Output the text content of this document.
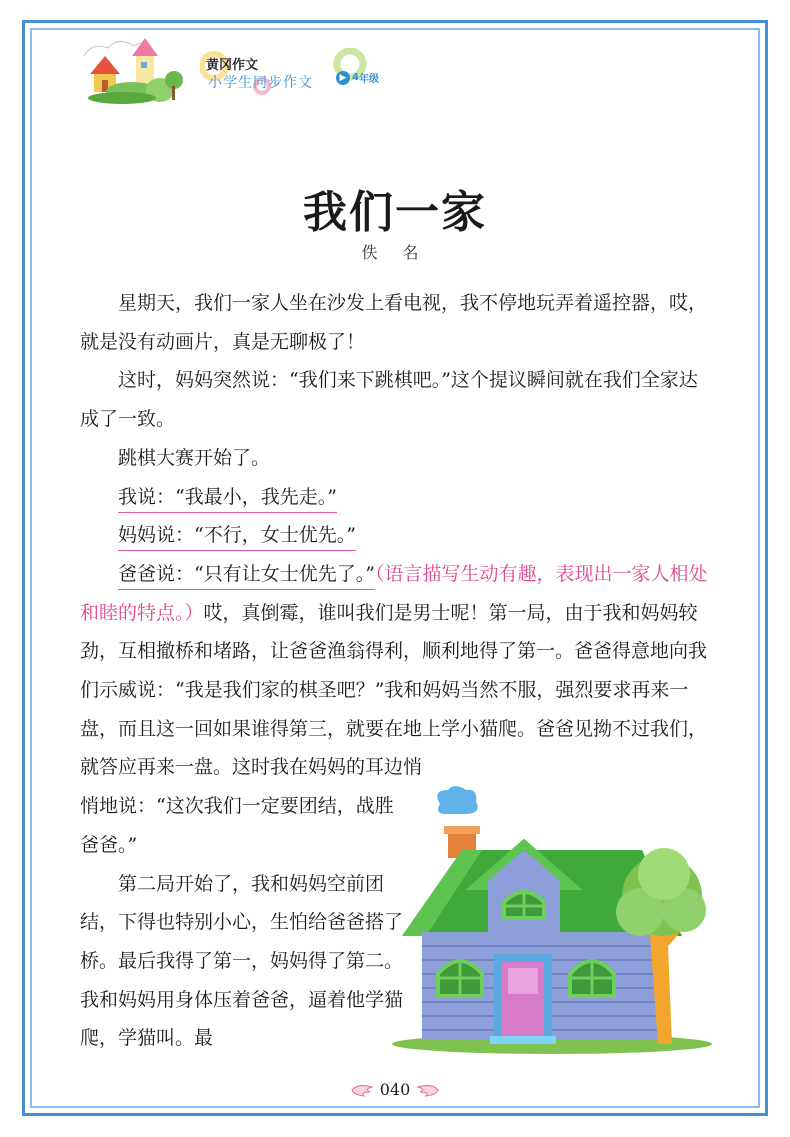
黄冈作文
小学生同步作文	▶ 4 年级
我们一家
佚 名

星期天，我们一家人坐在沙发上看电视，我不停地玩弄着遥控器，哎，就是没有动画片，真是无聊极了！

这时，妈妈突然说：“我们来下跳棋吧。”这个提议瞬间就在我们全家达成了一致。

跳棋大赛开始了。

我说：“我最小，我先走。”

妈妈说：“不行，女士优先。”

爸爸说：“只有让女士优先了。”（语言描写生动有趣，表现出一家人相处和睦的特点。）哎，真倒霉，谁叫我们是男士呢！第一局，由于我和妈妈较劲，互相撤桥和堵路，让爸爸渔翁得利，顺利地得了第一。爸爸得意地向我们示威说：“我是我们家的棋圣吧？”我和妈妈当然不服，强烈要求再来一盘，而且这一回如果谁得第三，就要在地上学小猫爬。爸爸见拗不过我们，就答应再来一盘。这时我在妈妈的耳边悄

悄地说：“这次我们一定要团结，战胜爸爸。”

第二局开始了，我和妈妈空前团结，下得也特别小心，生怕给爸爸搭了桥。最后我得了第一，妈妈得了第二。我和妈妈用身体压着爸爸，逼着他学猫爬，学猫叫。最

040
